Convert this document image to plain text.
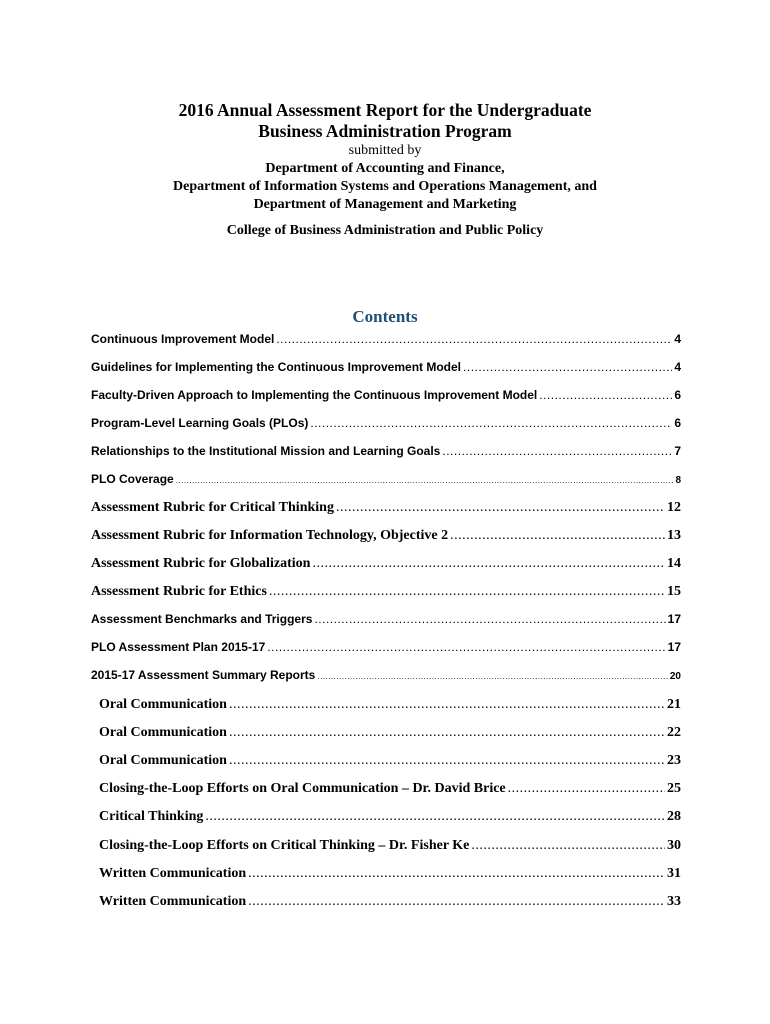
2016 Annual Assessment Report for the Undergraduate
Business Administration Program
submitted by
Department of Accounting and Finance,
Department of Information Systems and Operations Management, and
Department of Management and Marketing
College of Business Administration and Public Policy
Contents
Continuous Improvement Model .....	4
Guidelines for Implementing the Continuous Improvement Model .....	4
Faculty-Driven Approach to Implementing the Continuous Improvement Model .....	6
Program-Level Learning Goals (PLOs) .....	6
Relationships to the Institutional Mission and Learning Goals .....	7
PLO Coverage .....	8
Assessment Rubric for Critical Thinking .....	12
Assessment Rubric for Information Technology, Objective 2 .....	13
Assessment Rubric for Globalization .....	14
Assessment Rubric for Ethics .....	15
Assessment Benchmarks and Triggers .....	17
PLO Assessment Plan 2015-17 .....	17
2015-17 Assessment Summary Reports .....	20
Oral Communication .....	21
Oral Communication .....	22
Oral Communication .....	23
Closing-the-Loop Efforts on Oral Communication – Dr. David Brice .....	25
Critical Thinking .....	28
Closing-the-Loop Efforts on Critical Thinking – Dr. Fisher Ke .....	30
Written Communication .....	31
Written Communication .....	33
